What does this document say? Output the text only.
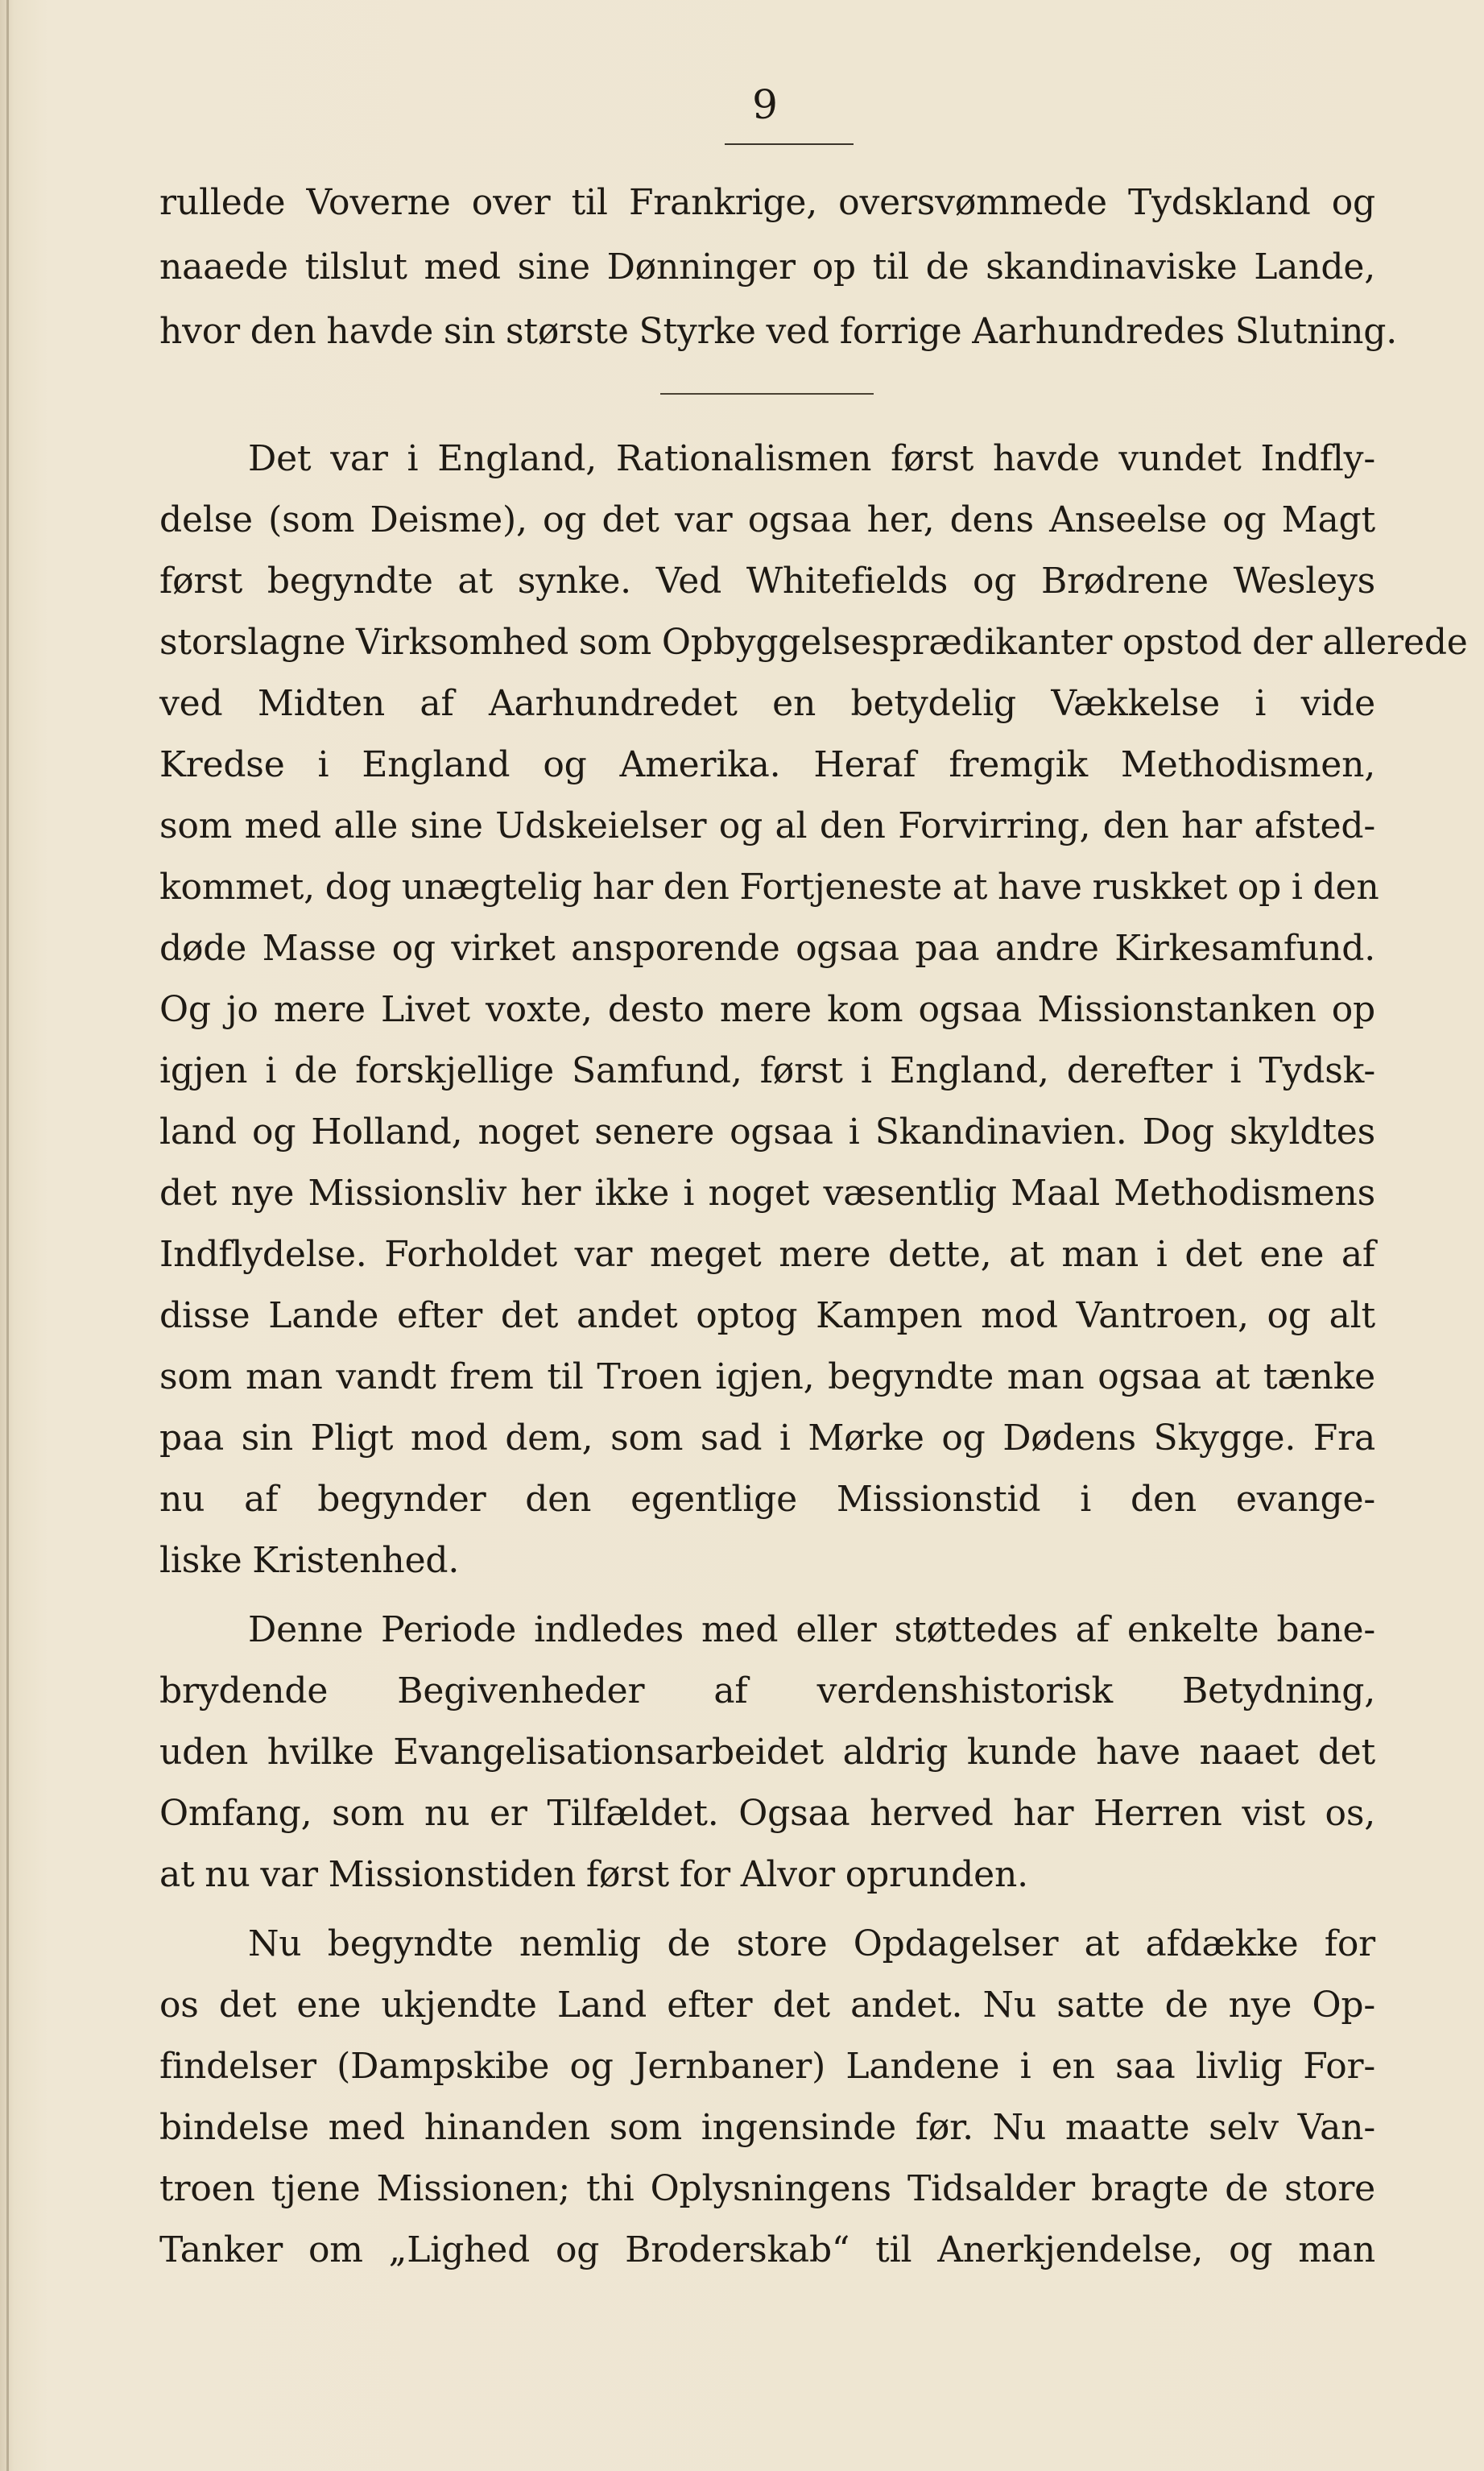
9
rullede Voverne over til Frankrige, oversvømmede Tydskland og
naaede tilslut med sine Dønninger op til de skandinaviske Lande,
hvor den havde sin største Styrke ved forrige Aarhundredes Slutning.
Det var i England, Rationalismen først havde vundet Indfly-
delse (som Deisme), og det var ogsaa her, dens Anseelse og Magt
først begyndte at synke. Ved Whitefields og Brødrene Wesleys
storslagne Virksomhed som Opbyggelsesprædikanter opstod der allerede
ved Midten af Aarhundredet en betydelig Vækkelse i vide
Kredse i England og Amerika. Heraf fremgik Methodismen,
som med alle sine Udskeielser og al den Forvirring, den har afsted-
kommet, dog unægtelig har den Fortjeneste at have ruskket op i den
døde Masse og virket ansporende ogsaa paa andre Kirkesamfund.
Og jo mere Livet voxte, desto mere kom ogsaa Missionstanken op
igjen i de forskjellige Samfund, først i England, derefter i Tydsk-
land og Holland, noget senere ogsaa i Skandinavien. Dog skyldtes
det nye Missionsliv her ikke i noget væsentlig Maal Methodismens
Indflydelse. Forholdet var meget mere dette, at man i det ene af
disse Lande efter det andet optog Kampen mod Vantroen, og alt
som man vandt frem til Troen igjen, begyndte man ogsaa at tænke
paa sin Pligt mod dem, som sad i Mørke og Dødens Skygge. Fra
nu af begynder den egentlige Missionstid i den evange-
liske Kristenhed.
Denne Periode indledes med eller støttedes af enkelte bane-
brydende Begivenheder af verdenshistorisk Betydning,
uden hvilke Evangelisationsarbeidet aldrig kunde have naaet det
Omfang, som nu er Tilfældet. Ogsaa herved har Herren vist os,
at nu var Missionstiden først for Alvor oprunden.
Nu begyndte nemlig de store Opdagelser at afdække for
os det ene ukjendte Land efter det andet. Nu satte de nye Op-
findelser (Dampskibe og Jernbaner) Landene i en saa livlig For-
bindelse med hinanden som ingensinde før. Nu maatte selv Van-
troen tjene Missionen; thi Oplysningens Tidsalder bragte de store
Tanker om „Lighed og Broderskab“ til Anerkjendelse, og man
